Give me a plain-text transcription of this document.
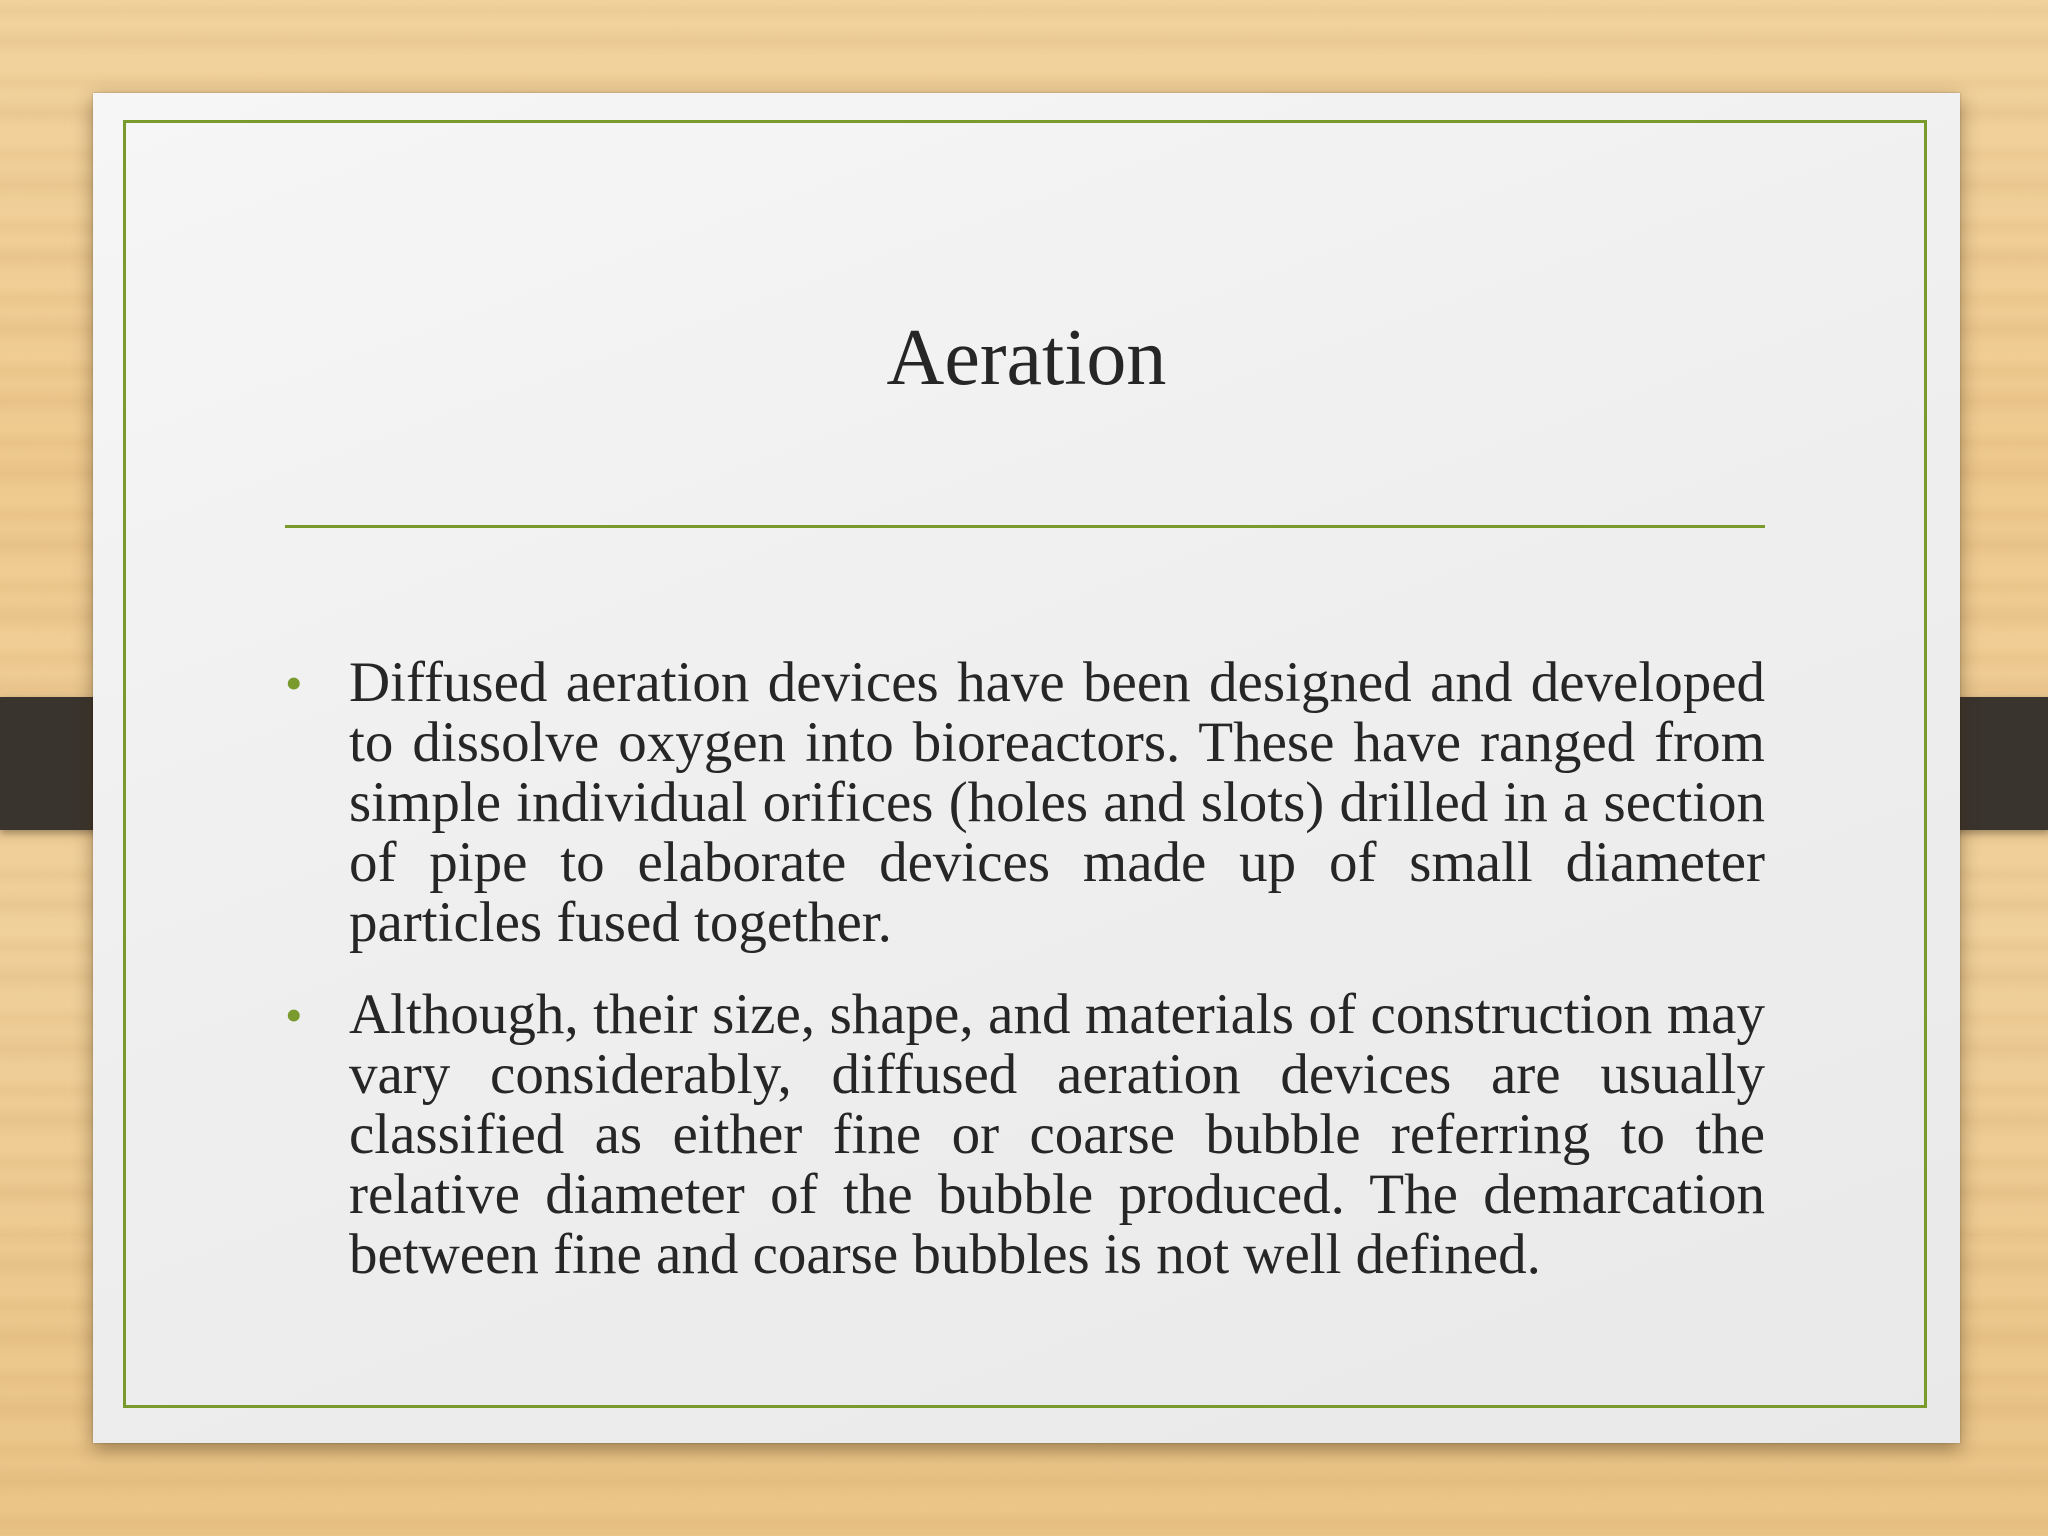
Aeration
• Diffused aeration devices have been designed and developed to dissolve oxygen into bioreactors. These have ranged from simple individual orifices (holes and slots) drilled in a section of pipe to elaborate devices made up of small diameter particles fused together.
• Although, their size, shape, and materials of construction may vary considerably, diffused aeration devices are usually classified as either fine or coarse bubble referring to the relative diameter of the bubble produced. The demarcation between fine and coarse bubbles is not well defined.
